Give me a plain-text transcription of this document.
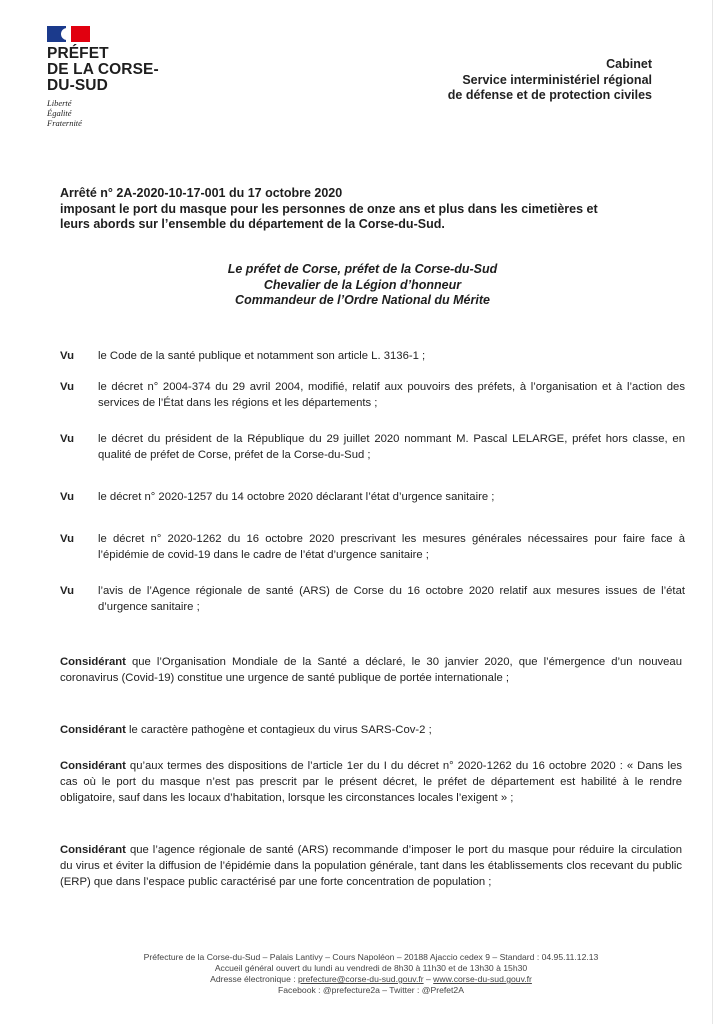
PRÉFET
DE LA CORSE-
DU-SUD
Liberté
Égalité
Fraternité
Cabinet
Service interministériel régional
de défense et de protection civiles
Arrêté n° 2A-2020-10-17-001 du 17 octobre 2020
imposant le port du masque pour les personnes de onze ans et plus dans les cimetières et
leurs abords sur l’ensemble du département de la Corse-du-Sud.
Le préfet de Corse, préfet de la Corse-du-Sud
Chevalier de la Légion d’honneur
Commandeur de l’Ordre National du Mérite
Vu le Code de la santé publique et notamment son article L. 3136-1 ;
Vu le décret n° 2004-374 du 29 avril 2004, modifié, relatif aux pouvoirs des préfets, à l’organisation et à l’action des services de l’État dans les régions et les départements ;
Vu le décret du président de la République du 29 juillet 2020 nommant M. Pascal LELARGE, préfet hors classe, en qualité de préfet de Corse, préfet de la Corse-du-Sud ;
Vu le décret n° 2020-1257 du 14 octobre 2020 déclarant l’état d’urgence sanitaire ;
Vu le décret n° 2020-1262 du 16 octobre 2020 prescrivant les mesures générales nécessaires pour faire face à l’épidémie de covid-19 dans le cadre de l’état d’urgence sanitaire ;
Vu l’avis de l’Agence régionale de santé (ARS) de Corse du 16 octobre 2020 relatif aux mesures issues de l’état d’urgence sanitaire ;
Considérant que l’Organisation Mondiale de la Santé a déclaré, le 30 janvier 2020, que l’émergence d’un nouveau coronavirus (Covid-19) constitue une urgence de santé publique de portée internationale ;
Considérant le caractère pathogène et contagieux du virus SARS-Cov-2 ;
Considérant qu’aux termes des dispositions de l’article 1er du I du décret n° 2020-1262 du 16 octobre 2020 : « Dans les cas où le port du masque n’est pas prescrit par le présent décret, le préfet de département est habilité à le rendre obligatoire, sauf dans les locaux d’habitation, lorsque les circonstances locales l’exigent » ;
Considérant que l’agence régionale de santé (ARS) recommande d’imposer le port du masque pour réduire la circulation du virus et éviter la diffusion de l’épidémie dans la population générale, tant dans les établissements clos recevant du public (ERP) que dans l’espace public caractérisé par une forte concentration de population ;
Préfecture de la Corse-du-Sud – Palais Lantivy – Cours Napoléon – 20188 Ajaccio cedex 9 – Standard : 04.95.11.12.13
Accueil général ouvert du lundi au vendredi de 8h30 à 11h30 et de 13h30 à 15h30
Adresse électronique : prefecture@corse-du-sud.gouv.fr – www.corse-du-sud.gouv.fr
Facebook : @prefecture2a – Twitter : @Prefet2A
